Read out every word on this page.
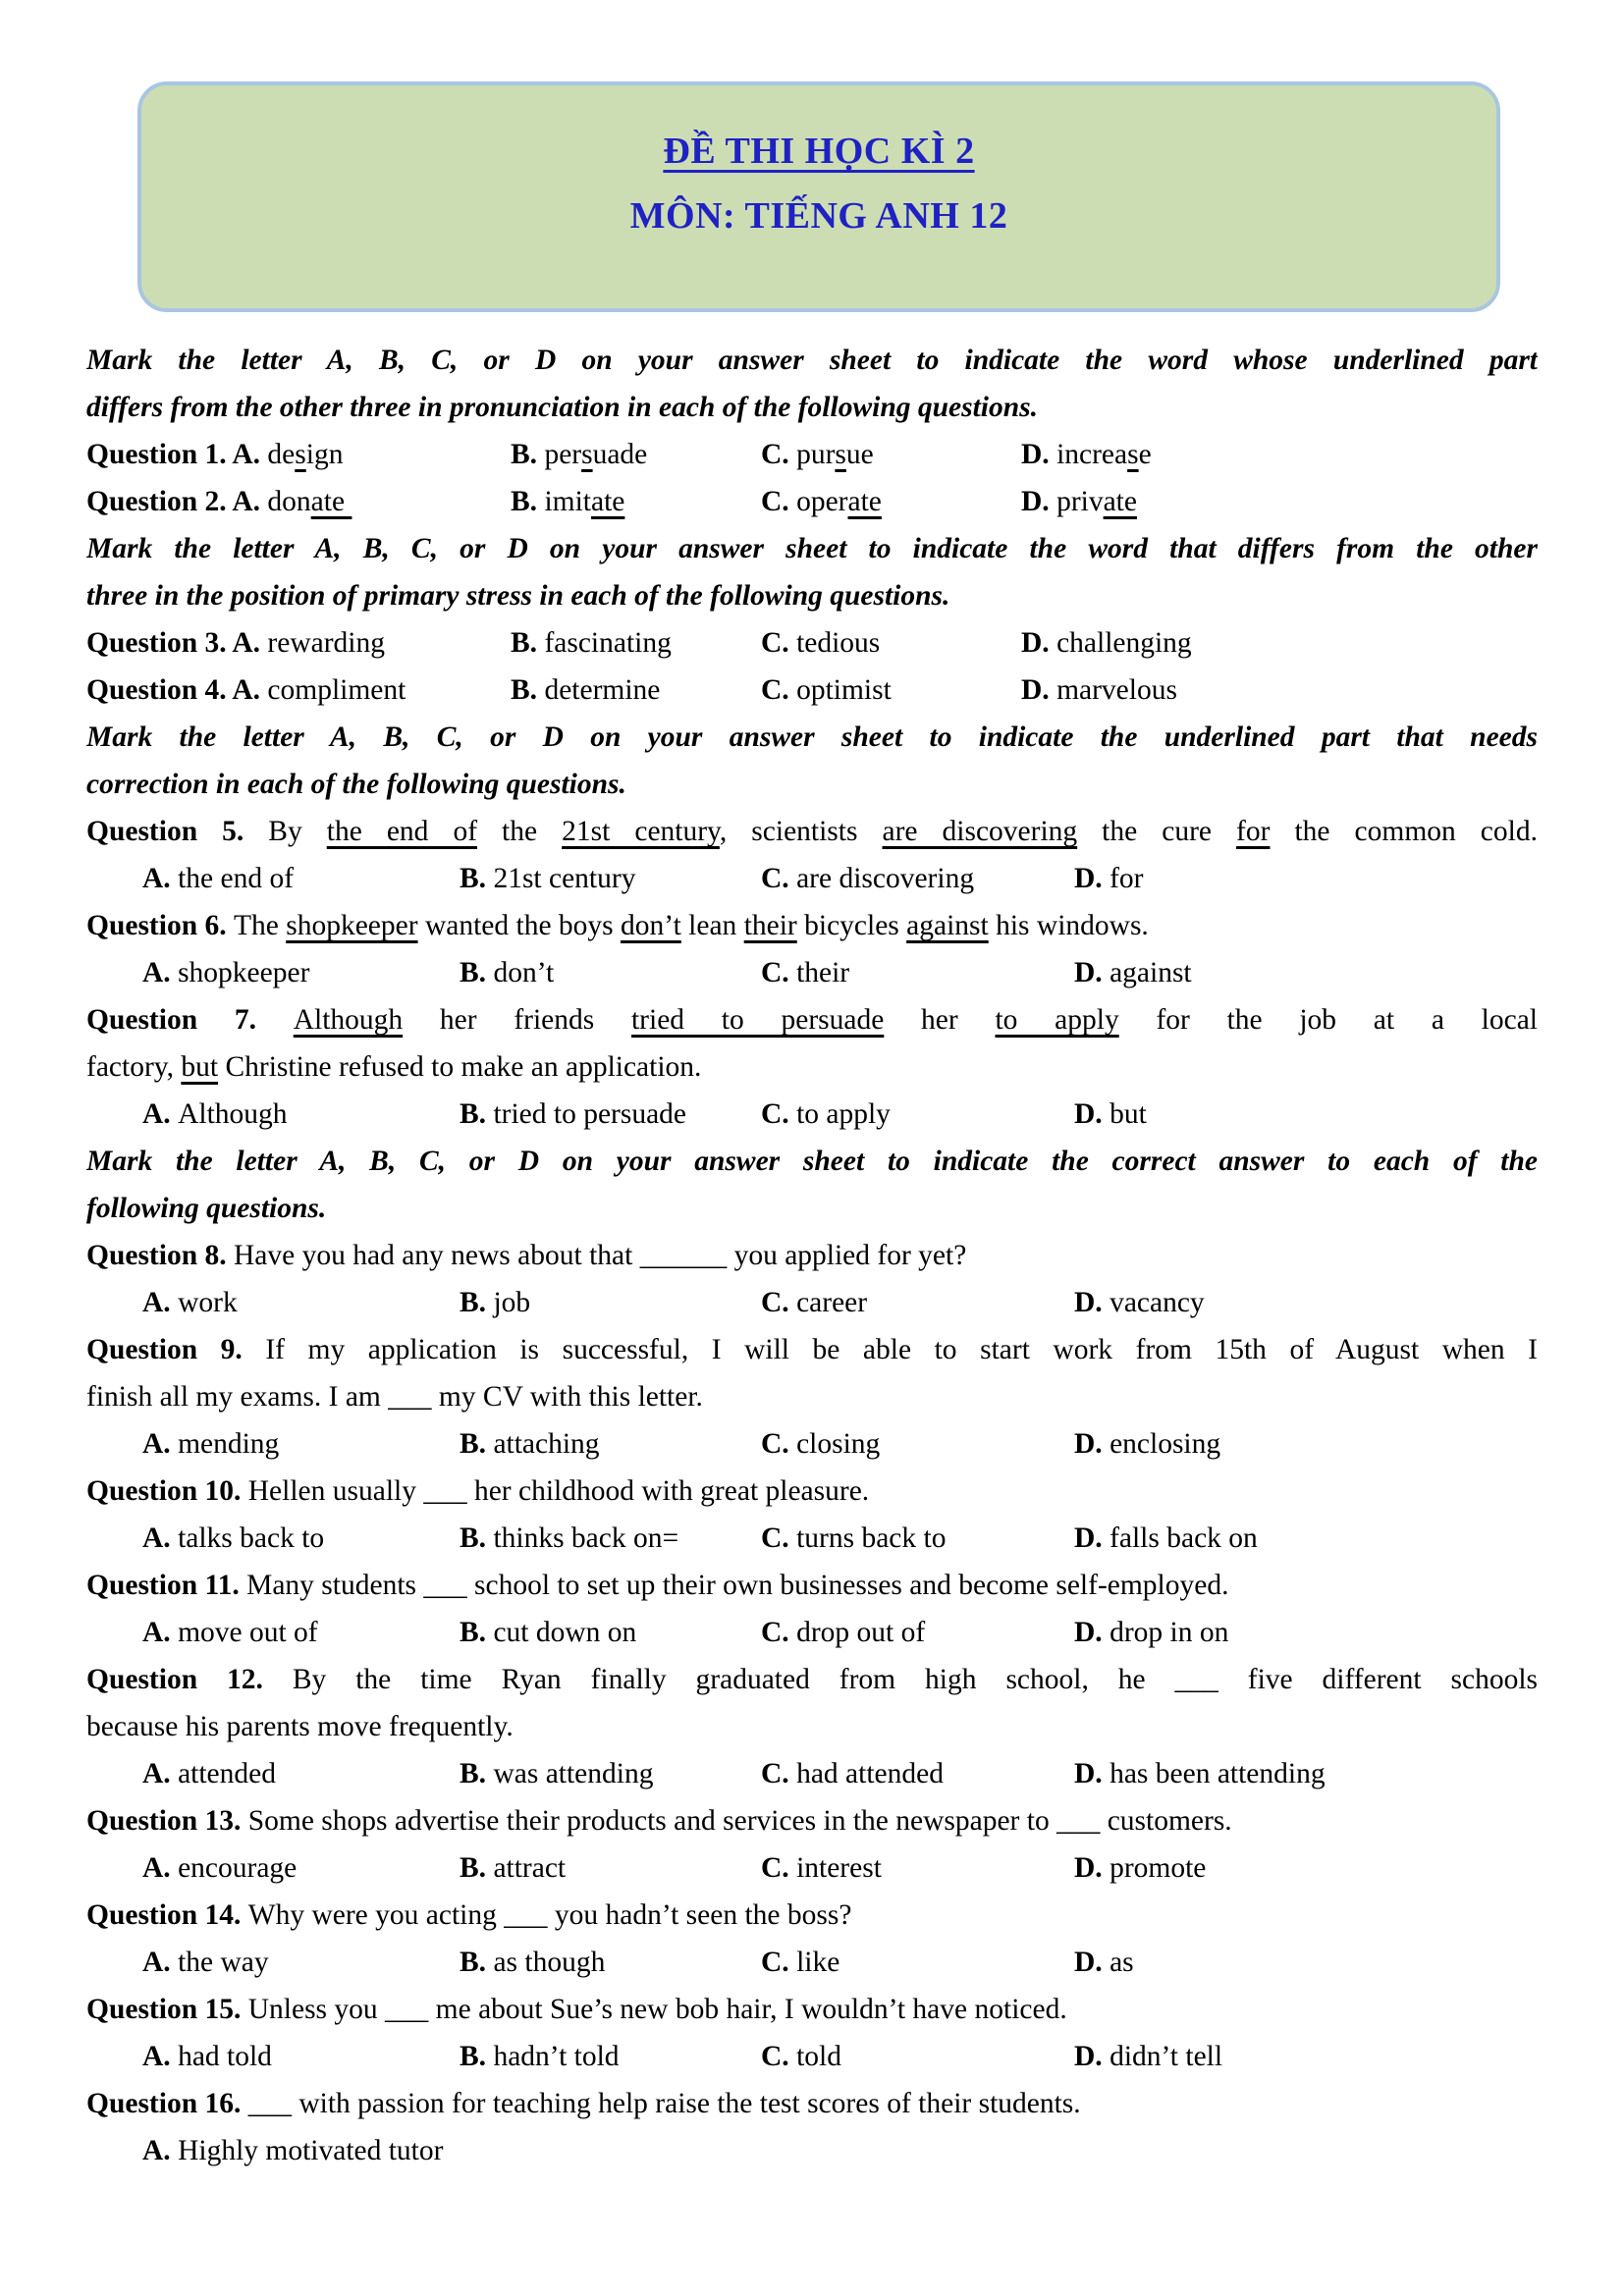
ĐỀ THI HỌC KÌ 2
MÔN: TIẾNG ANH 12
Mark the letter A, B, C, or D on your answer sheet to indicate the word whose underlined part
differs from the other three in pronunciation in each of the following questions.
Question 1. A. design	B. persuade	C. pursue	D. increase
Question 2. A. donate	B. imitate	C. operate	D. private
Mark the letter A, B, C, or D on your answer sheet to indicate the word that differs from the other
three in the position of primary stress in each of the following questions.
Question 3. A. rewarding	B. fascinating	C. tedious	D. challenging
Question 4. A. compliment	B. determine	C. optimist	D. marvelous
Mark the letter A, B, C, or D on your answer sheet to indicate the underlined part that needs
correction in each of the following questions.
Question 5. By the end of the 21st century, scientists are discovering the cure for the common cold.
A. the end of	B. 21st century	C. are discovering	D. for
Question 6. The shopkeeper wanted the boys don’t lean their bicycles against his windows.
A. shopkeeper	B. don’t	C. their	D. against
Question 7. Although her friends tried to persuade her to apply for the job at a local
factory, but Christine refused to make an application.
A. Although	B. tried to persuade	C. to apply	D. but
Mark the letter A, B, C, or D on your answer sheet to indicate the correct answer to each of the
following questions.
Question 8. Have you had any news about that ______ you applied for yet?
A. work	B. job	C. career	D. vacancy
Question 9. If my application is successful, I will be able to start work from 15th of August when I
finish all my exams. I am ___ my CV with this letter.
A. mending	B. attaching	C. closing	D. enclosing
Question 10. Hellen usually ___ her childhood with great pleasure.
A. talks back to	B. thinks back on=	C. turns back to	D. falls back on
Question 11. Many students ___ school to set up their own businesses and become self-employed.
A. move out of	B. cut down on	C. drop out of	D. drop in on
Question 12. By the time Ryan finally graduated from high school, he ___ five different schools
because his parents move frequently.
A. attended	B. was attending	C. had attended	D. has been attending
Question 13. Some shops advertise their products and services in the newspaper to ___ customers.
A. encourage	B. attract	C. interest	D. promote
Question 14. Why were you acting ___ you hadn’t seen the boss?
A. the way	B. as though	C. like	D. as
Question 15. Unless you ___ me about Sue’s new bob hair, I wouldn’t have noticed.
A. had told	B. hadn’t told	C. told	D. didn’t tell
Question 16. ___ with passion for teaching help raise the test scores of their students.
A. Highly motivated tutor
